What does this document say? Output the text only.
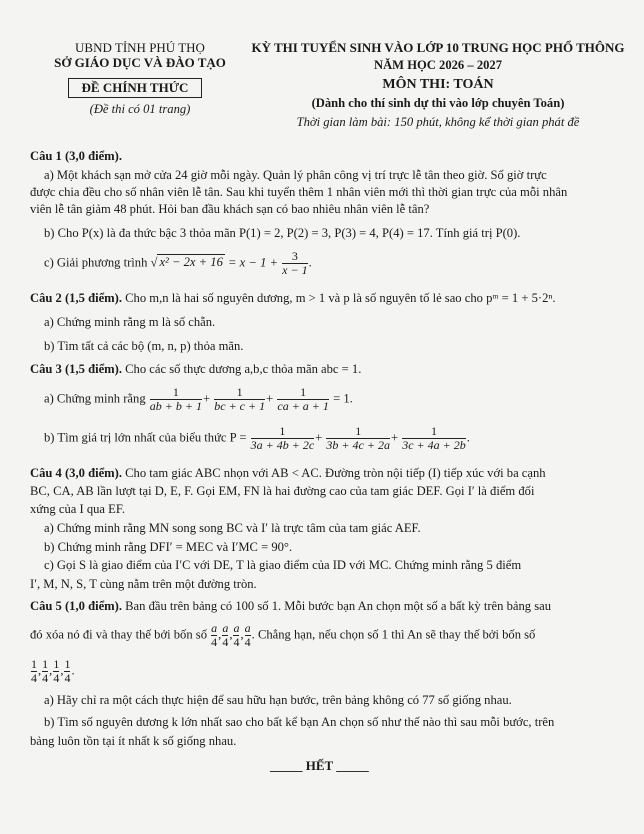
UBND TỈNH PHÚ THỌ
SỞ GIÁO DỤC VÀ ĐÀO TẠO
ĐỀ CHÍNH THỨC
(Đề thi có 01 trang)
KỲ THI TUYỂN SINH VÀO LỚP 10 TRUNG HỌC PHỔ THÔNG
NĂM HỌC 2026 – 2027
MÔN THI: TOÁN
(Dành cho thí sinh dự thi vào lớp chuyên Toán)
Thời gian làm bài: 150 phút, không kể thời gian phát đề
Câu 1 (3,0 điểm).
a) Một khách sạn mở cửa 24 giờ mỗi ngày. Quản lý phân công vị trí trực lễ tân theo giờ. Số giờ trực
được chia đều cho số nhân viên lễ tân. Sau khi tuyển thêm 1 nhân viên mới thì thời gian trực của mỗi nhân
viên lễ tân giảm 48 phút. Hỏi ban đầu khách sạn có bao nhiêu nhân viên lễ tân?
b) Cho P(x) là đa thức bậc 3 thỏa mãn P(1) = 2, P(2) = 3, P(3) = 4, P(4) = 17. Tính giá trị P(0).
c) Giải phương trình √ $x^2 - 2x + 16 = x - 1 + \frac{3}{x - 1}$ .
Câu 2 (1,5 điểm). Cho m,n là hai số nguyên dương, m > 1 và p là số nguyên tố lẻ sao cho pᵐ = 1 + 5·2ⁿ.
a) Chứng minh rằng m là số chẵn.
b) Tìm tất cả các bộ (m, n, p) thỏa mãn.
Câu 3 (1,5 điểm). Cho các số thực dương a,b,c thỏa mãn abc = 1.
a) Chứng minh rằng $\frac{1}{ab + b + 1} + \frac{1}{bc + c + 1} + \frac{1}{ca + a + 1} = 1$.
b) Tìm giá trị lớn nhất của biểu thức $P = \frac{1}{3a + 4b + 2c} + \frac{1}{3b + 4c + 2a} + \frac{1}{3c + 4a + 2b}$ .
Câu 4 (3,0 điểm). Cho tam giác ABC nhọn với AB < AC. Đường tròn nội tiếp (I) tiếp xúc với ba cạnh
BC, CA, AB lần lượt tại D, E, F. Gọi EM, FN là hai đường cao của tam giác DEF. Gọi I′ là điểm đối
xứng của I qua EF.
a) Chứng minh rằng MN song song BC và I′ là trực tâm của tam giác AEF.
b) Chứng minh rằng DFI′ = MEC và I′MC = 90°.
c) Gọi S là giao điểm của I′C với DE, T là giao điểm của ID với MC. Chứng minh rằng 5 điểm
I′, M, N, S, T cùng nằm trên một đường tròn.
Câu 5 (1,0 điểm). Ban đầu trên bảng có 100 số 1. Mỗi bước bạn An chọn một số a bất kỳ trên bảng sau
đó xóa nó đi và thay thế bởi bốn số $\frac{a}{4}$ , $\frac{a}{4}$ , $\frac{a}{4}$ , $\frac{a}{4}$ . Chẳng hạn, nếu chọn số 1 thì An sẽ thay thế bởi bốn số
$\frac{1}{4}$ , $\frac{1}{4}$ , $\frac{1}{4}$ , $\frac{1}{4}$ .
a) Hãy chỉ ra một cách thực hiện để sau hữu hạn bước, trên bảng không có 77 số giống nhau.
b) Tìm số nguyên dương k lớn nhất sao cho bất kể bạn An chọn số như thế nào thì sau mỗi bước, trên
bảng luôn tồn tại ít nhất k số giống nhau.
_____ HẾT _____
